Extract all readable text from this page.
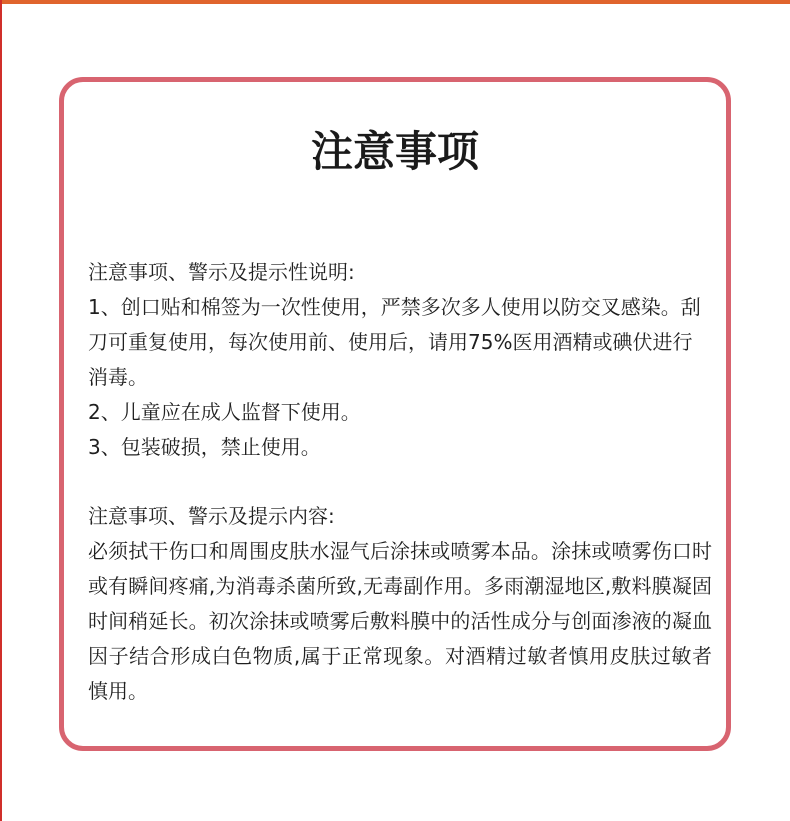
注意事项

注意事项、警示及提示性说明:

1、创口贴和棉签为一次性使用，严禁多次多人使用以防交叉感染。刮刀可重复使用，每次使用前、使用后，请用75%医用酒精或碘伏进行消毒。

2、儿童应在成人监督下使用。

3、包装破损，禁止使用。

注意事项、警示及提示内容:

必须拭干伤口和周围皮肤水湿气后涂抹或喷雾本品。涂抹或喷雾伤口时或有瞬间疼痛,为消毒杀菌所致,无毒副作用。多雨潮湿地区,敷料膜凝固时间稍延长。初次涂抹或喷雾后敷料膜中的活性成分与创面渗液的凝血因子结合形成白色物质,属于正常现象。对酒精过敏者慎用皮肤过敏者慎用。
